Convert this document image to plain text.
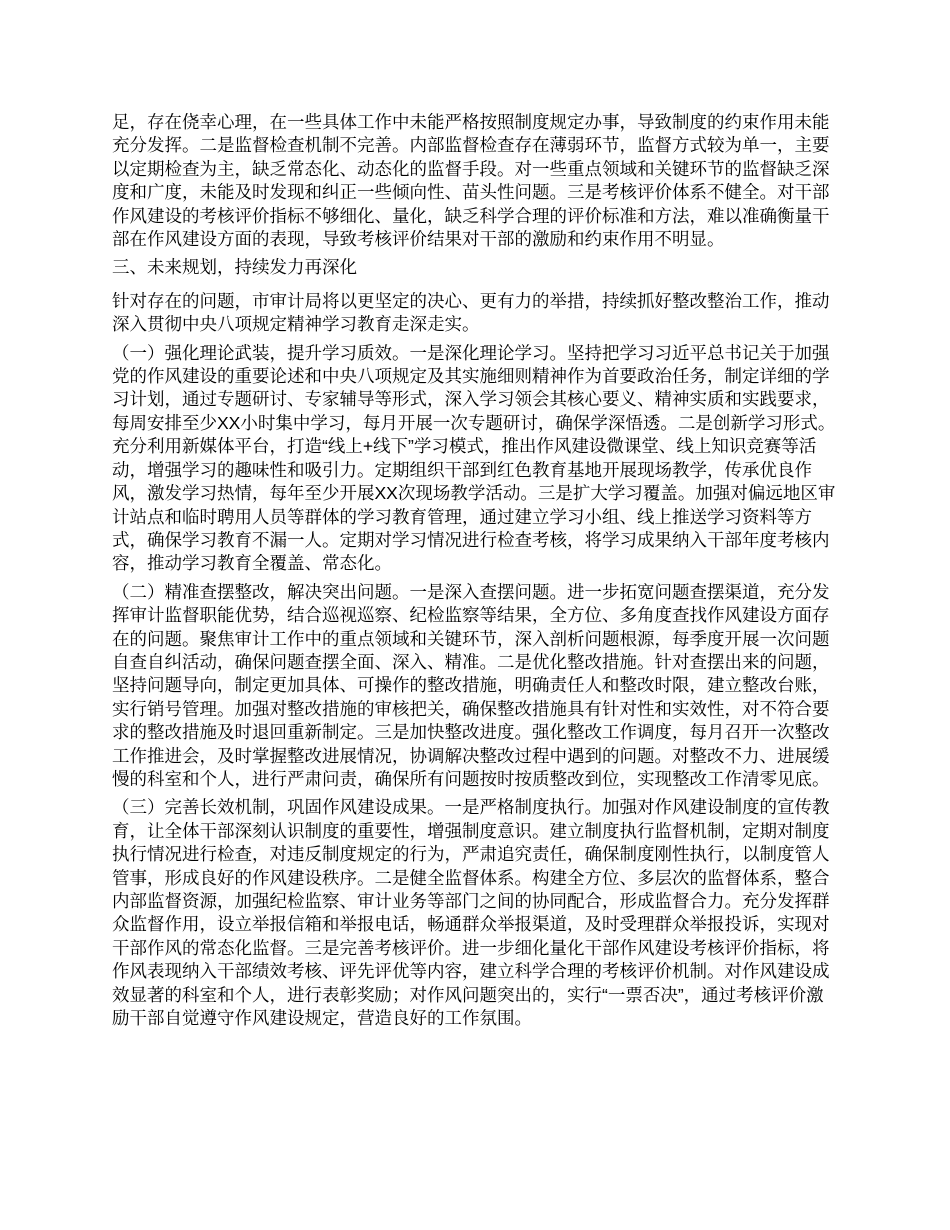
足，存在侥幸心理，在一些具体工作中未能严格按照制度规定办事，导致制度的约束作用未能充分发挥。二是监督检查机制不完善。内部监督检查存在薄弱环节，监督方式较为单一，主要以定期检查为主，缺乏常态化、动态化的监督手段。对一些重点领域和关键环节的监督缺乏深度和广度，未能及时发现和纠正一些倾向性、苗头性问题。三是考核评价体系不健全。对干部作风建设的考核评价指标不够细化、量化，缺乏科学合理的评价标准和方法，难以准确衡量干部在作风建设方面的表现，导致考核评价结果对干部的激励和约束作用不明显。

三、未来规划，持续发力再深化

针对存在的问题，市审计局将以更坚定的决心、更有力的举措，持续抓好整改整治工作，推动深入贯彻中央八项规定精神学习教育走深走实。

（一）强化理论武装，提升学习质效。一是深化理论学习。坚持把学习习近平总书记关于加强党的作风建设的重要论述和中央八项规定及其实施细则精神作为首要政治任务，制定详细的学习计划，通过专题研讨、专家辅导等形式，深入学习领会其核心要义、精神实质和实践要求，每周安排至少XX小时集中学习，每月开展一次专题研讨，确保学深悟透。二是创新学习形式。充分利用新媒体平台，打造“线上+线下”学习模式，推出作风建设微课堂、线上知识竞赛等活动，增强学习的趣味性和吸引力。定期组织干部到红色教育基地开展现场教学，传承优良作风，激发学习热情，每年至少开展XX次现场教学活动。三是扩大学习覆盖。加强对偏远地区审计站点和临时聘用人员等群体的学习教育管理，通过建立学习小组、线上推送学习资料等方式，确保学习教育不漏一人。定期对学习情况进行检查考核，将学习成果纳入干部年度考核内容，推动学习教育全覆盖、常态化。

（二）精准查摆整改，解决突出问题。一是深入查摆问题。进一步拓宽问题查摆渠道，充分发挥审计监督职能优势，结合巡视巡察、纪检监察等结果，全方位、多角度查找作风建设方面存在的问题。聚焦审计工作中的重点领域和关键环节，深入剖析问题根源，每季度开展一次问题自查自纠活动，确保问题查摆全面、深入、精准。二是优化整改措施。针对查摆出来的问题，坚持问题导向，制定更加具体、可操作的整改措施，明确责任人和整改时限，建立整改台账，实行销号管理。加强对整改措施的审核把关，确保整改措施具有针对性和实效性，对不符合要求的整改措施及时退回重新制定。三是加快整改进度。强化整改工作调度，每月召开一次整改工作推进会，及时掌握整改进展情况，协调解决整改过程中遇到的问题。对整改不力、进展缓慢的科室和个人，进行严肃问责，确保所有问题按时按质整改到位，实现整改工作清零见底。

（三）完善长效机制，巩固作风建设成果。一是严格制度执行。加强对作风建设制度的宣传教育，让全体干部深刻认识制度的重要性，增强制度意识。建立制度执行监督机制，定期对制度执行情况进行检查，对违反制度规定的行为，严肃追究责任，确保制度刚性执行，以制度管人管事，形成良好的作风建设秩序。二是健全监督体系。构建全方位、多层次的监督体系，整合内部监督资源，加强纪检监察、审计业务等部门之间的协同配合，形成监督合力。充分发挥群众监督作用，设立举报信箱和举报电话，畅通群众举报渠道，及时受理群众举报投诉，实现对干部作风的常态化监督。三是完善考核评价。进一步细化量化干部作风建设考核评价指标，将作风表现纳入干部绩效考核、评先评优等内容，建立科学合理的考核评价机制。对作风建设成效显著的科室和个人，进行表彰奖励；对作风问题突出的，实行“一票否决”，通过考核评价激励干部自觉遵守作风建设规定，营造良好的工作氛围。
